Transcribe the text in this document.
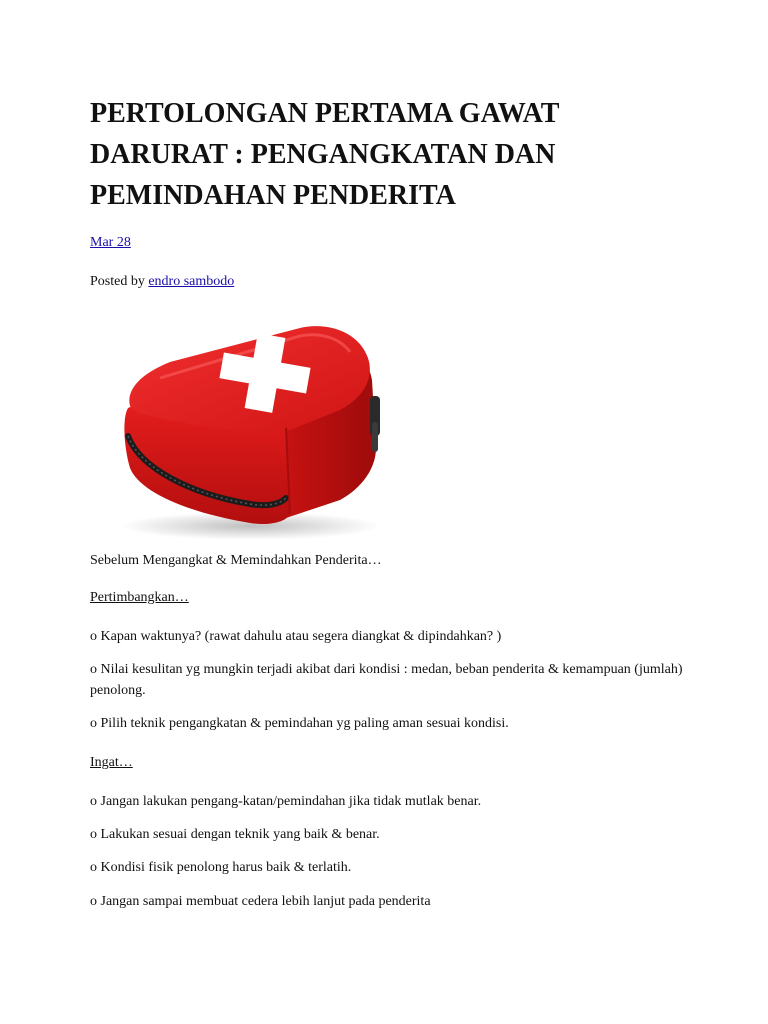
PERTOLONGAN PERTAMA GAWAT DARURAT : PENGANGKATAN DAN PEMINDAHAN PENDERITA
Mar 28
Posted by endro sambodo

Sebelum Mengangkat & Memindahkan Penderita…

Pertimbangkan…

o Kapan waktunya? (rawat dahulu atau segera diangkat & dipindahkan? )

o Nilai kesulitan yg mungkin terjadi akibat dari kondisi : medan, beban penderita & kemampuan (jumlah) penolong.

o Pilih teknik pengangkatan & pemindahan yg paling aman sesuai kondisi.

Ingat…

o Jangan lakukan pengang-katan/pemindahan jika tidak mutlak benar.

o Lakukan sesuai dengan teknik yang baik & benar.

o Kondisi fisik penolong harus baik & terlatih.

o Jangan sampai membuat cedera lebih lanjut pada penderita
